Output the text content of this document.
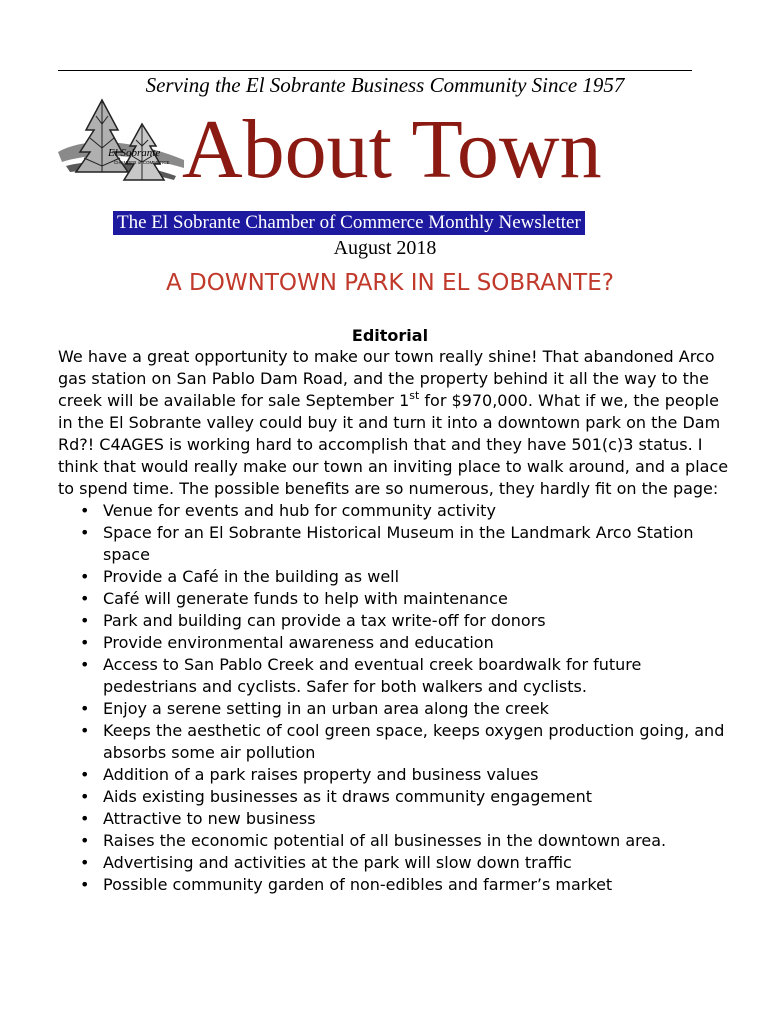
Serving the El Sobrante Business Community Since 1957
El Sobrante
CHAMBER of COMMERCE About Town
The El Sobrante Chamber of Commerce Monthly Newsletter
August 2018
A DOWNTOWN PARK IN EL SOBRANTE?
Editorial

We have a great opportunity to make our town really shine! That abandoned Arco gas station on San Pablo Dam Road, and the property behind it all the way to the creek will be available for sale September 1st for $970,000. What if we, the people in the El Sobrante valley could buy it and turn it into a downtown park on the Dam Rd?! C4AGES is working hard to accomplish that and they have 501(c)3 status. I think that would really make our town an inviting place to walk around, and a place to spend time. The possible benefits are so numerous, they hardly fit on the page:

• Venue for events and hub for community activity
• Space for an El Sobrante Historical Museum in the Landmark Arco Station space
• Provide a Café in the building as well
• Café will generate funds to help with maintenance
• Park and building can provide a tax write-off for donors
• Provide environmental awareness and education
• Access to San Pablo Creek and eventual creek boardwalk for future pedestrians and cyclists. Safer for both walkers and cyclists.
• Enjoy a serene setting in an urban area along the creek
• Keeps the aesthetic of cool green space, keeps oxygen production going, and absorbs some air pollution
• Addition of a park raises property and business values
• Aids existing businesses as it draws community engagement
• Attractive to new business
• Raises the economic potential of all businesses in the downtown area.
• Advertising and activities at the park will slow down traffic
• Possible community garden of non-edibles and farmer’s market
